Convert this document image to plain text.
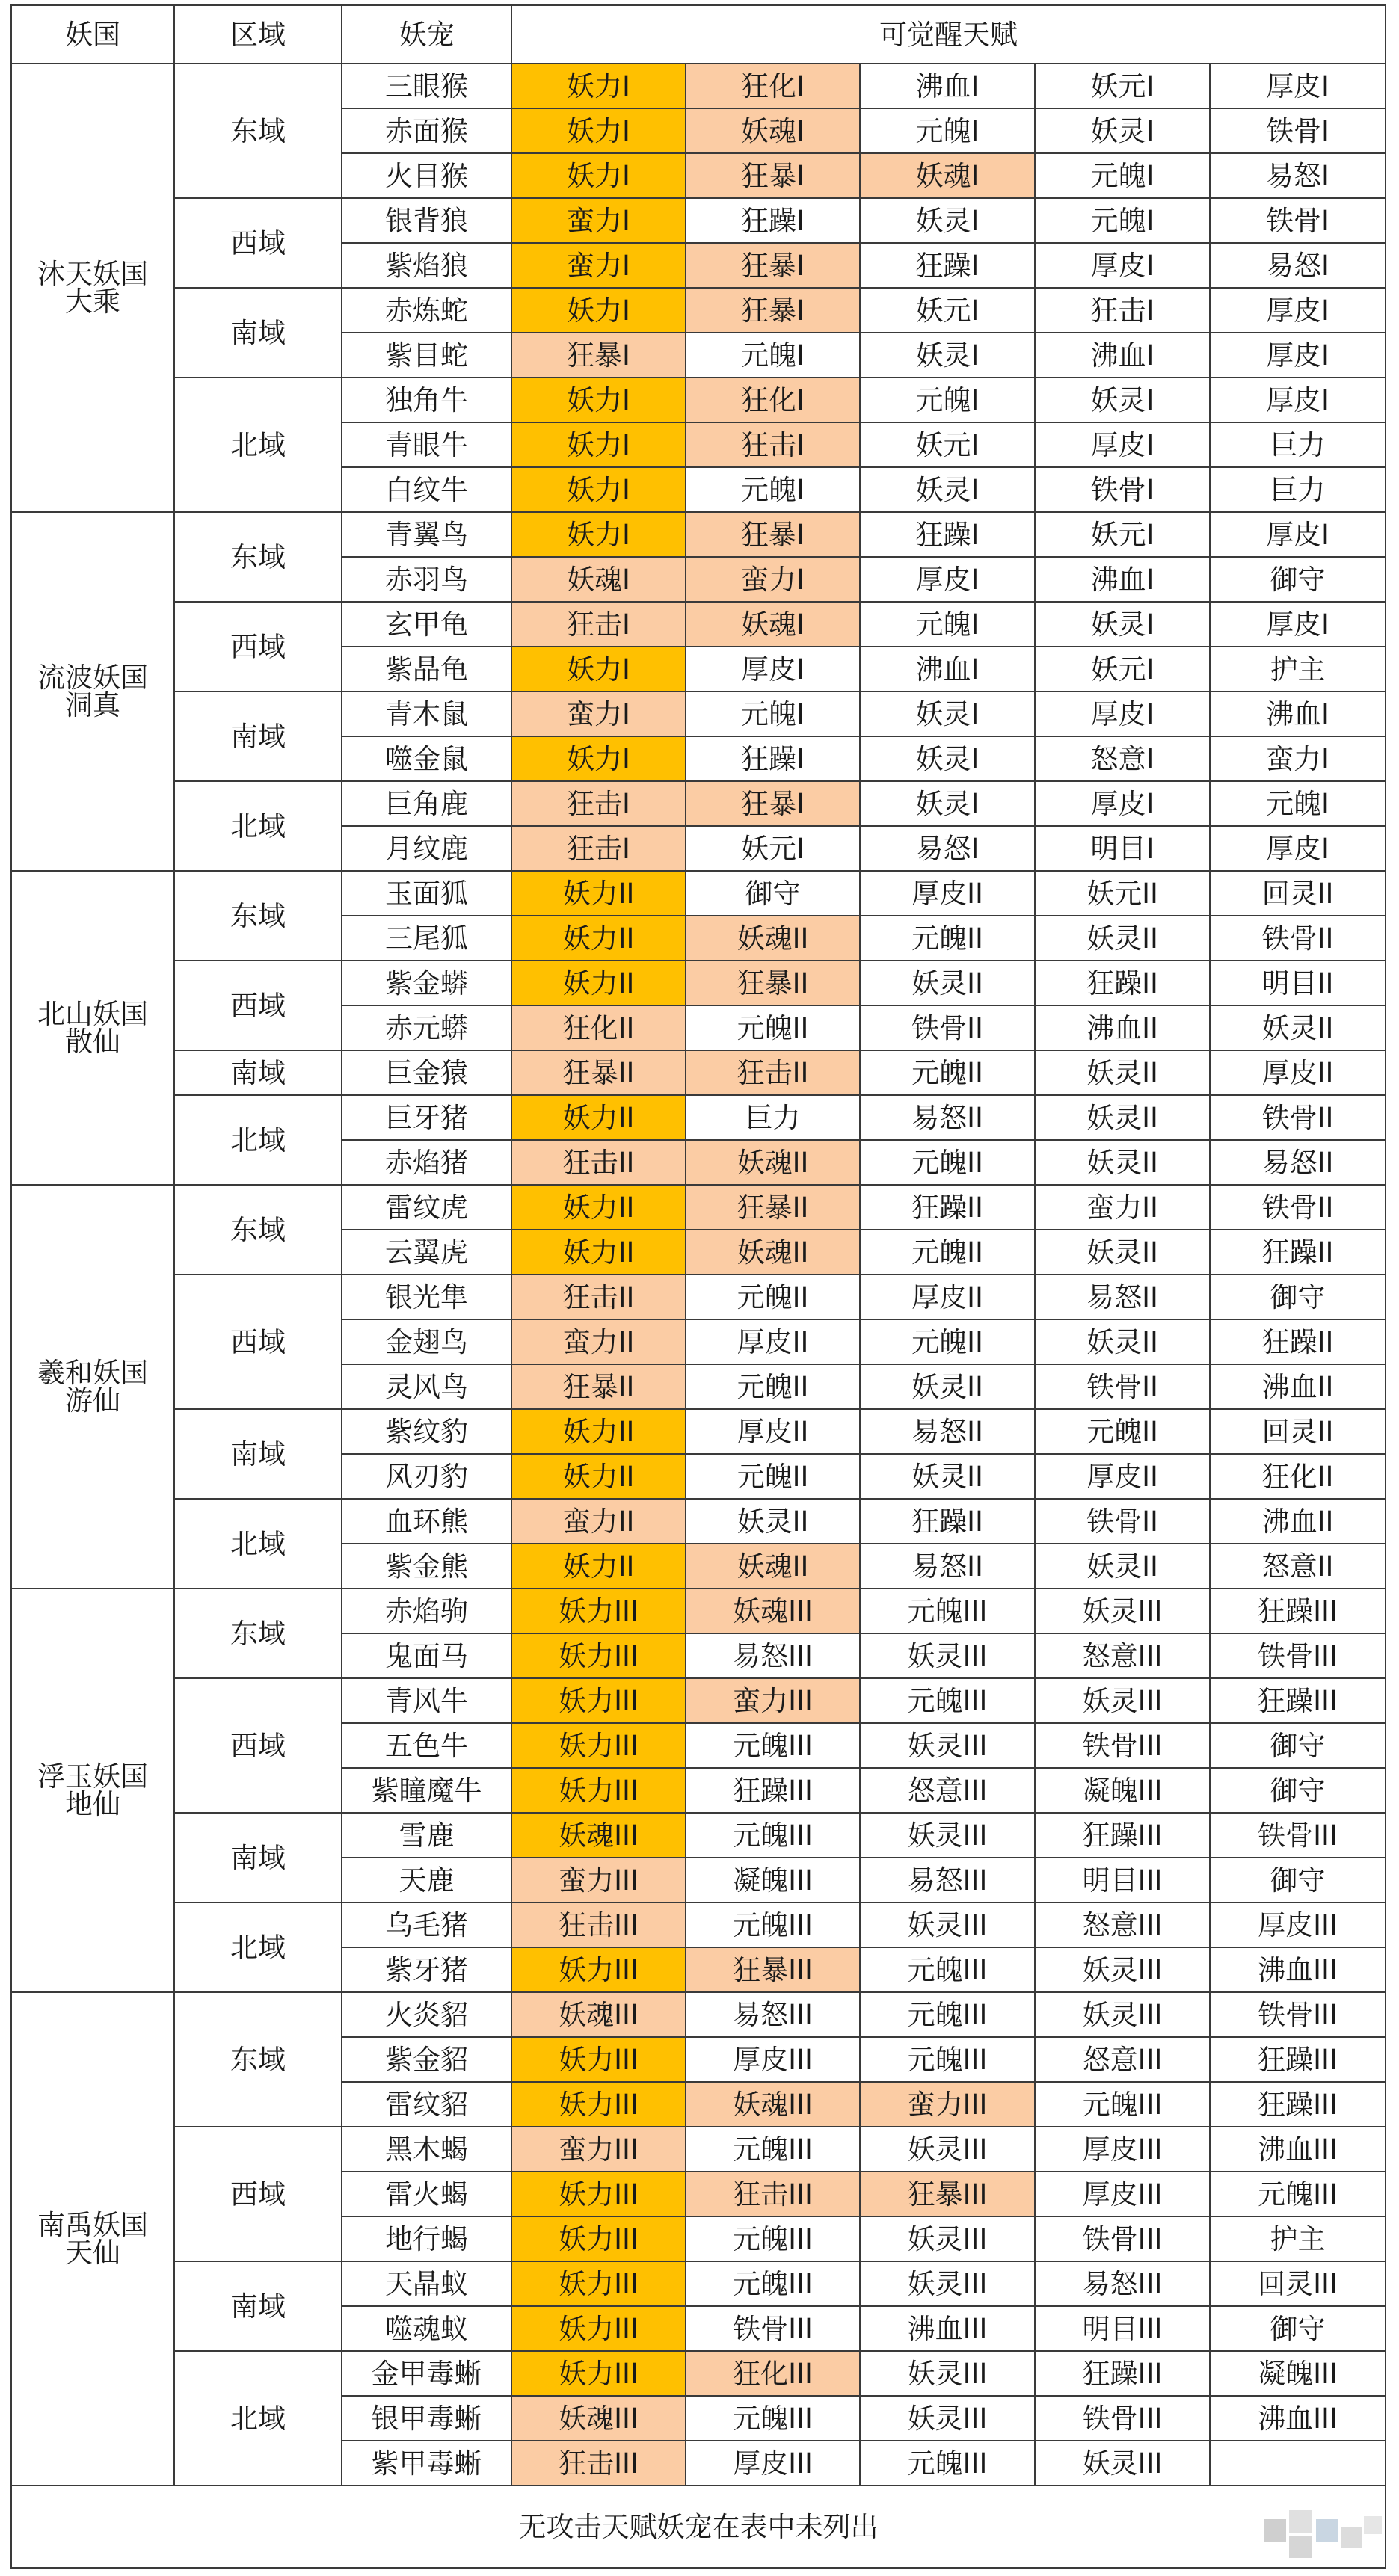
妖国	区域	妖宠	可觉醒天赋				
沐天妖国
大乘	东域	三眼猴	妖力I	狂化I	沸血I	妖元I	厚皮I
		赤面猴	妖力I	妖魂I	元魄I	妖灵I	铁骨I
		火目猴	妖力I	狂暴I	妖魂I	元魄I	易怒I
	西域	银背狼	蛮力I	狂躁I	妖灵I	元魄I	铁骨I
		紫焰狼	蛮力I	狂暴I	狂躁I	厚皮I	易怒I
	南域	赤炼蛇	妖力I	狂暴I	妖元I	狂击I	厚皮I
		紫目蛇	狂暴I	元魄I	妖灵I	沸血I	厚皮I
	北域	独角牛	妖力I	狂化I	元魄I	妖灵I	厚皮I
		青眼牛	妖力I	狂击I	妖元I	厚皮I	巨力
		白纹牛	妖力I	元魄I	妖灵I	铁骨I	巨力
流波妖国
洞真	东域	青翼鸟	妖力I	狂暴I	狂躁I	妖元I	厚皮I
		赤羽鸟	妖魂I	蛮力I	厚皮I	沸血I	御守
	西域	玄甲龟	狂击I	妖魂I	元魄I	妖灵I	厚皮I
		紫晶龟	妖力I	厚皮I	沸血I	妖元I	护主
	南域	青木鼠	蛮力I	元魄I	妖灵I	厚皮I	沸血I
		噬金鼠	妖力I	狂躁I	妖灵I	怒意I	蛮力I
	北域	巨角鹿	狂击I	狂暴I	妖灵I	厚皮I	元魄I
		月纹鹿	狂击I	妖元I	易怒I	明目I	厚皮I
北山妖国
散仙	东域	玉面狐	妖力II	御守	厚皮II	妖元II	回灵II
		三尾狐	妖力II	妖魂II	元魄II	妖灵II	铁骨II
	西域	紫金蟒	妖力II	狂暴II	妖灵II	狂躁II	明目II
		赤元蟒	狂化II	元魄II	铁骨II	沸血II	妖灵II
	南域	巨金猿	狂暴II	狂击II	元魄II	妖灵II	厚皮II
	北域	巨牙猪	妖力II	巨力	易怒II	妖灵II	铁骨II
		赤焰猪	狂击II	妖魂II	元魄II	妖灵II	易怒II
羲和妖国
游仙	东域	雷纹虎	妖力II	狂暴II	狂躁II	蛮力II	铁骨II
		云翼虎	妖力II	妖魂II	元魄II	妖灵II	狂躁II
	西域	银光隼	狂击II	元魄II	厚皮II	易怒II	御守
		金翅鸟	蛮力II	厚皮II	元魄II	妖灵II	狂躁II
		灵风鸟	狂暴II	元魄II	妖灵II	铁骨II	沸血II
	南域	紫纹豹	妖力II	厚皮II	易怒II	元魄II	回灵II
		风刃豹	妖力II	元魄II	妖灵II	厚皮II	狂化II
	北域	血环熊	蛮力II	妖灵II	狂躁II	铁骨II	沸血II
		紫金熊	妖力II	妖魂II	易怒II	妖灵II	怒意II
浮玉妖国
地仙	东域	赤焰驹	妖力III	妖魂III	元魄III	妖灵III	狂躁III
		鬼面马	妖力III	易怒III	妖灵III	怒意III	铁骨III
	西域	青风牛	妖力III	蛮力III	元魄III	妖灵III	狂躁III
		五色牛	妖力III	元魄III	妖灵III	铁骨III	御守
		紫瞳魔牛	妖力III	狂躁III	怒意III	凝魄III	御守
	南域	雪鹿	妖魂III	元魄III	妖灵III	狂躁III	铁骨III
		天鹿	蛮力III	凝魄III	易怒III	明目III	御守
	北域	乌毛猪	狂击III	元魄III	妖灵III	怒意III	厚皮III
		紫牙猪	妖力III	狂暴III	元魄III	妖灵III	沸血III
南禹妖国
天仙	东域	火炎貂	妖魂III	易怒III	元魄III	妖灵III	铁骨III
		紫金貂	妖力III	厚皮III	元魄III	怒意III	狂躁III
		雷纹貂	妖力III	妖魂III	蛮力III	元魄III	狂躁III
	西域	黑木蝎	蛮力III	元魄III	妖灵III	厚皮III	沸血III
		雷火蝎	妖力III	狂击III	狂暴III	厚皮III	元魄III
		地行蝎	妖力III	元魄III	妖灵III	铁骨III	护主
	南域	天晶蚁	妖力III	元魄III	妖灵III	易怒III	回灵III
		噬魂蚁	妖力III	铁骨III	沸血III	明目III	御守
	北域	金甲毒蜥	妖力III	狂化III	妖灵III	狂躁III	凝魄III
		银甲毒蜥	妖魂III	元魄III	妖灵III	铁骨III	沸血III
		紫甲毒蜥	狂击III	厚皮III	元魄III	妖灵III	
无攻击天赋妖宠在表中未列出							
